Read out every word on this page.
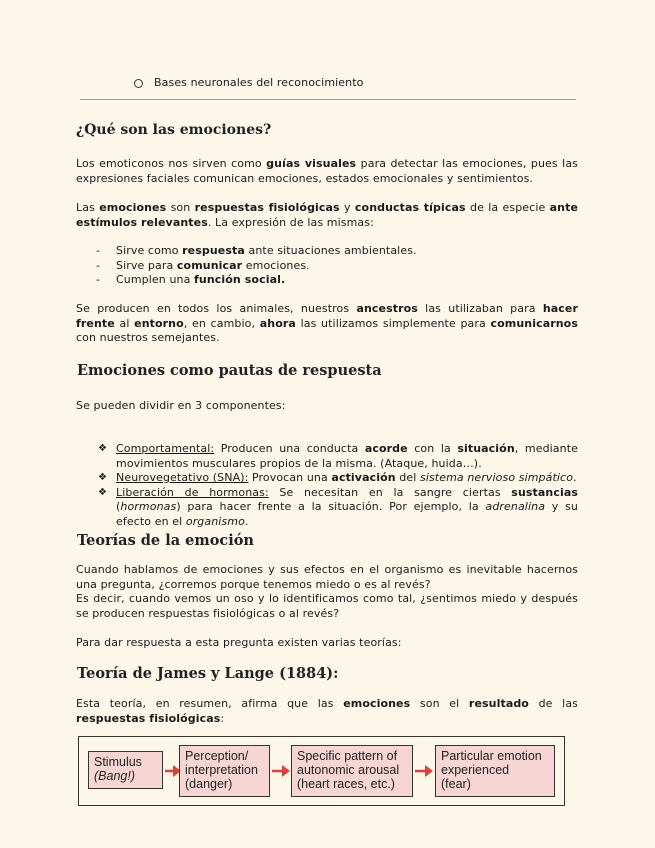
Bases neuronales del reconocimiento
¿Qué son las emociones?

Los emoticonos nos sirven como guías visuales para detectar las emociones, pues las expresiones faciales comunican emociones, estados emocionales y sentimientos.

Las emociones son respuestas fisiológicas y conductas típicas de la especie ante estímulos relevantes. La expresión de las mismas:

- Sirve como respuesta ante situaciones ambientales.
- Sirve para comunicar emociones.
- Cumplen una función social.

Se producen en todos los animales, nuestros ancestros las utilizaban para hacer frente al entorno, en cambio, ahora las utilizamos simplemente para comunicarnos con nuestros semejantes.

Emociones como pautas de respuesta

Se pueden dividir en 3 componentes:

❖ Comportamental: Producen una conducta acorde con la situación, mediante movimientos musculares propios de la misma. (Ataque, huida…).
❖ Neurovegetativo (SNA): Provocan una activación del sistema nervioso simpático.
❖ Liberación de hormonas: Se necesitan en la sangre ciertas sustancias (hormonas) para hacer frente a la situación. Por ejemplo, la adrenalina y su efecto en el organismo.
Teorías de la emoción

Cuando hablamos de emociones y sus efectos en el organismo es inevitable hacernos una pregunta, ¿corremos porque tenemos miedo o es al revés?
Es decir, cuando vemos un oso y lo identificamos como tal, ¿sentimos miedo y después se producen respuestas fisiológicas o al revés?

Para dar respuesta a esta pregunta existen varias teorías:

Teoría de James y Lange (1884):

Esta teoría, en resumen, afirma que las emociones son el resultado de las respuestas fisiológicas:

Stimulus
(Bang!)
Perception/
interpretation
(danger)
Specific pattern of
autonomic arousal
(heart races, etc.)
Particular emotion
experienced
(fear)
